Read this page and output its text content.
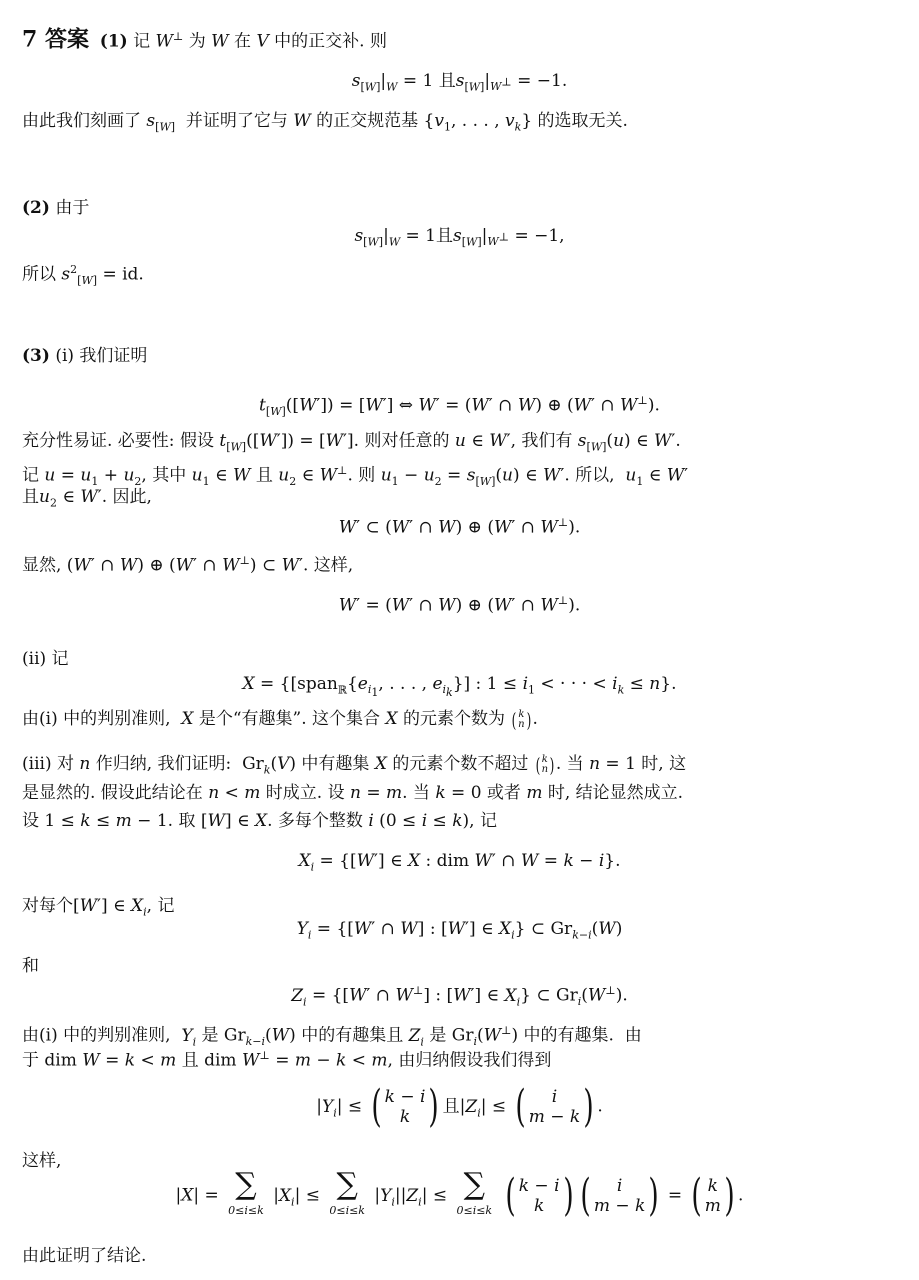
7 答案 (1) 记 W⊥ 为 W 在 V 中的正交补. 则
$s_{[W]}|_W = 1$ 且$s_{[W]}|_{W^\perp} = -1$.
由此我们刻画了 $s_{[W]}$  并证明了它与 W 的正交规范基 {$v_1$, . . . , $v_k$} 的选取无关.
(2) 由于
$s_{[W]}|_W = 1$且$s_{[W]}|_{W^\perp} = -1$,
所以 $s^2_{[W]}$ = id.
(3) (i) 我们证明
$t_{[W]}([W']) = [W']$ ⇔ W′ = (W′ ∩ W) ⊕ (W′ ∩ W⊥).
充分性易证. 必要性: 假设 $t_{[W]}([W']) = [W']$. 则对任意的 u ∈ W′, 我们有 $s_{[W]}(u)$ ∈ W′.
记 $u = u_1 + u_2$, 其中 $u_1$ ∈ W 且 $u_2$ ∈ W⊥. 则 $u_1 - u_2 = s_{[W]}(u)$ ∈ W′. 所以,  $u_1$ ∈ W′
且$u_2$ ∈ W′. 因此,
W′ ⊂ (W′ ∩ W) ⊕ (W′ ∩ W⊥).
显然, (W′ ∩ W) ⊕ (W′ ∩ W⊥) ⊂ W′. 这样,
W′ = (W′ ∩ W) ⊕ (W′ ∩ W⊥).
(ii) 记
$X = \{[span_ℝ\{e_{i_1}$, . . . , $e_{i_k}$}] : $1 \le i_1$ < · · · < $i_k \le n$}.
由(i) 中的判别准则,  X 是个“有趣集”. 这个集合 X 的元素个数为 ( k
n ) .
(iii) 对 n 作归纳, 我们证明:  $Gr_k(V)$ 中有趣集 X 的元素个数不超过 ( k
n ) . 当 n = 1 时, 这
是显然的. 假设此结论在 n < m 时成立. 设 n = m. 当 k = 0 或者 m 时, 结论显然成立.
设 1 ≤ k ≤ m − 1. 取 [W] ∈ X. 多每个整数 i (0 ≤ i ≤ k), 记
$X_i = \{[W']$ ∈ X : dim W′ ∩ W = k − i}.
对每个[W′] ∈ $X_i$, 记
$Y_i = \{[W'$ ∩ W] : [W′] ∈ $X_i$} ⊂ $Gr_{k-i}(W)$
和
$Z_i = \{[W'$ ∩ W⊥] : [W′] ∈ $X_i$} ⊂ $Gr_i(W^\perp)$.
由(i) 中的判别准则,  $Y_i$ 是 $Gr_{k-i}(W)$ 中的有趣集且 $Z_i$ 是 $Gr_i(W^\perp)$ 中的有趣集.  由
于 dim W = k < m 且 dim W⊥ = m − k < m, 由归纳假设我们得到
$|Y_i|$ ≤ ( k − i
k ) 且$|Z_i|$ ≤ ( i
m − k ) .
这样,
|X| = ∑
0≤i≤k
$|X_i|$ ≤ ∑
0≤i≤k
$|Y_i||Z_i|$ ≤ ∑
0≤i≤k
( k − i
k ) ( i
m − k ) = ( k
m ) .
由此证明了结论.
